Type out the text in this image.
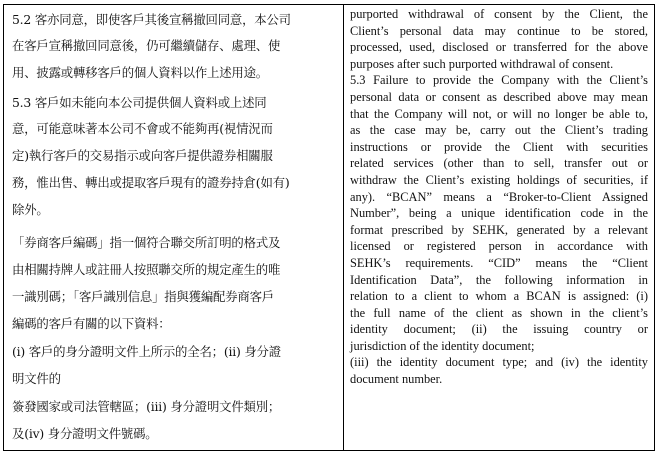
5.2 客亦同意，即使客戶其後宣稱撤回同意，本公司
在客戶宣稱撤回同意後，仍可繼續儲存、處理、使
用、披露或轉移客戶的個人資料以作上述用途。
5.3 客戶如未能向本公司提供個人資料或上述同
意，可能意味著本公司不會或不能夠再(視情況而
定)執行客戶的交易指示或向客戶提供證券相關服
務，惟出售、轉出或提取客戶現有的證券持倉(如有)
除外。
「券商客戶編碼」指一個符合聯交所訂明的格式及
由相關持牌人或註冊人按照聯交所的規定產生的唯
一識別碼；「客戶識別信息」指與獲編配券商客戶
編碼的客戶有關的以下資料：
(i) 客戶的身分證明文件上所示的全名；(ii) 身分證
明文件的
簽發國家或司法管轄區；(iii) 身分證明文件類別；
及(iv) 身分證明文件號碼。
purported withdrawal of consent by the Client, the
Client’s personal data may continue to be stored,
processed, used, disclosed or transferred for the above
purposes after such purported withdrawal of consent.
5.3 Failure to provide the Company with the Client’s
personal data or consent as described above may mean
that the Company will not, or will no longer be able to,
as the case may be, carry out the Client’s trading
instructions or provide the Client with securities
related services (other than to sell, transfer out or
withdraw the Client’s existing holdings of securities, if
any). “BCAN” means a “Broker-to-Client Assigned
Number”, being a unique identification code in the
format prescribed by SEHK, generated by a relevant
licensed or registered person in accordance with
SEHK’s requirements. “CID” means the “Client
Identification Data”, the following information in
relation to a client to whom a BCAN is assigned: (i)
the full name of the client as shown in the client’s
identity document; (ii) the issuing country or
jurisdiction of the identity document;
(iii) the identity document type; and (iv) the identity
document number.
